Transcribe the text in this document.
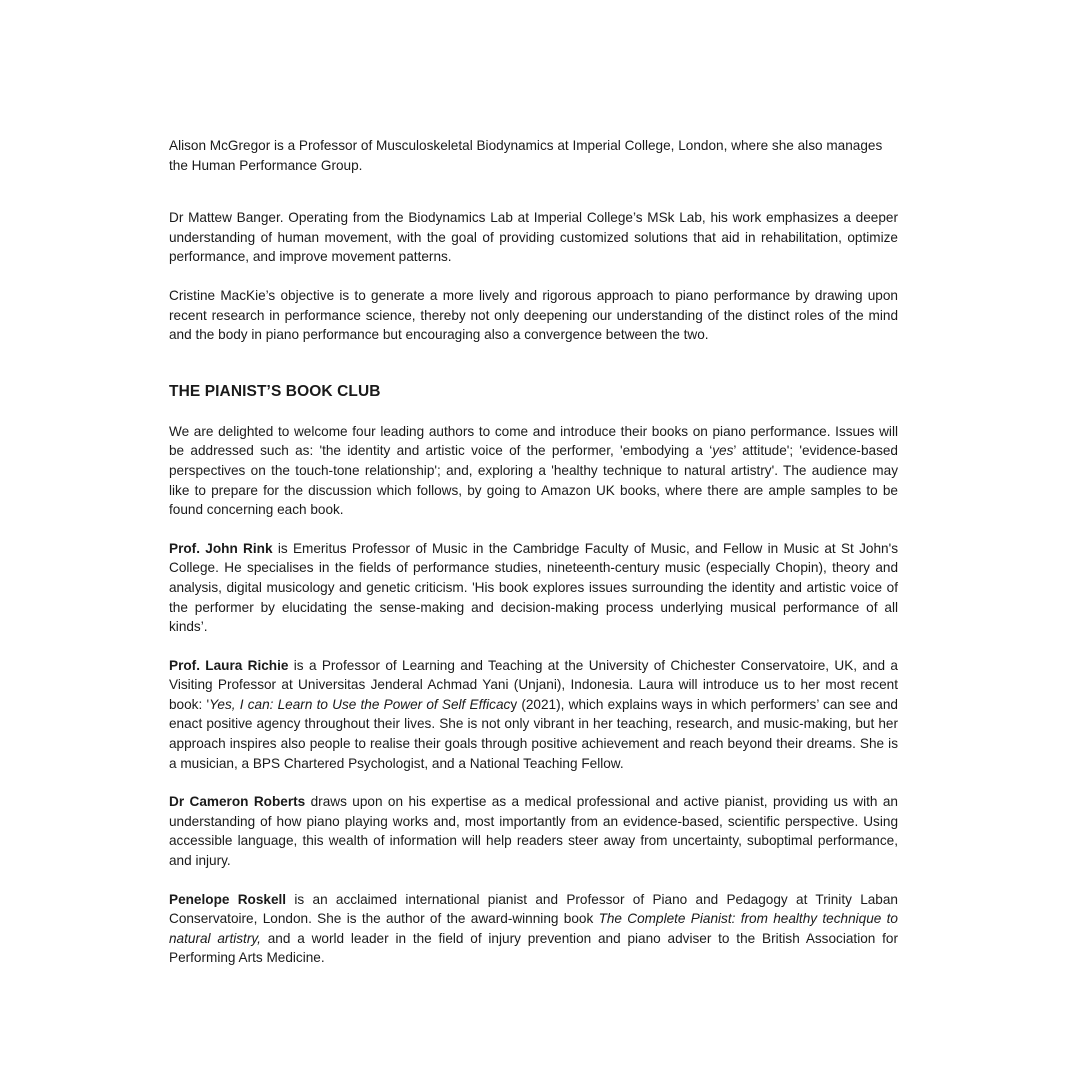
Alison McGregor is a Professor of Musculoskeletal Biodynamics at Imperial College, London, where she also manages the Human Performance Group.

Dr Mattew Banger. Operating from the Biodynamics Lab at Imperial College’s MSk Lab, his work emphasizes a deeper understanding of human movement, with the goal of providing customized solutions that aid in rehabilitation, optimize performance, and improve movement patterns.

Cristine MacKie’s objective is to generate a more lively and rigorous approach to piano performance by drawing upon recent research in performance science, thereby not only deepening our understanding of the distinct roles of the mind and the body in piano performance but encouraging also a convergence between the two.

THE PIANIST’S BOOK CLUB

We are delighted to welcome four leading authors to come and introduce their books on piano performance. Issues will be addressed such as: 'the identity and artistic voice of the performer, 'embodying a ‘yes’ attitude'; 'evidence-based perspectives on the touch-tone relationship'; and, exploring a 'healthy technique to natural artistry'. The audience may like to prepare for the discussion which follows, by going to Amazon UK books, where there are ample samples to be found concerning each book.

Prof. John Rink is Emeritus Professor of Music in the Cambridge Faculty of Music, and Fellow in Music at St John's College. He specialises in the fields of performance studies, nineteenth-century music (especially Chopin), theory and analysis, digital musicology and genetic criticism. 'His book explores issues surrounding the identity and artistic voice of the performer by elucidating the sense-making and decision-making process underlying musical performance of all kinds’.

Prof. Laura Richie is a Professor of Learning and Teaching at the University of Chichester Conservatoire, UK, and a Visiting Professor at Universitas Jenderal Achmad Yani (Unjani), Indonesia. Laura will introduce us to her most recent book: 'Yes, I can: Learn to Use the Power of Self Efficacy (2021), which explains ways in which performers’ can see and enact positive agency throughout their lives. She is not only vibrant in her teaching, research, and music-making, but her approach inspires also people to realise their goals through positive achievement and reach beyond their dreams. She is a musician, a BPS Chartered Psychologist, and a National Teaching Fellow.

Dr Cameron Roberts draws upon on his expertise as a medical professional and active pianist, providing us with an understanding of how piano playing works and, most importantly from an evidence-based, scientific perspective. Using accessible language, this wealth of information will help readers steer away from uncertainty, suboptimal performance, and injury.

Penelope Roskell is an acclaimed international pianist and Professor of Piano and Pedagogy at Trinity Laban Conservatoire, London. She is the author of the award-winning book The Complete Pianist: from healthy technique to natural artistry, and a world leader in the field of injury prevention and piano adviser to the British Association for Performing Arts Medicine.
